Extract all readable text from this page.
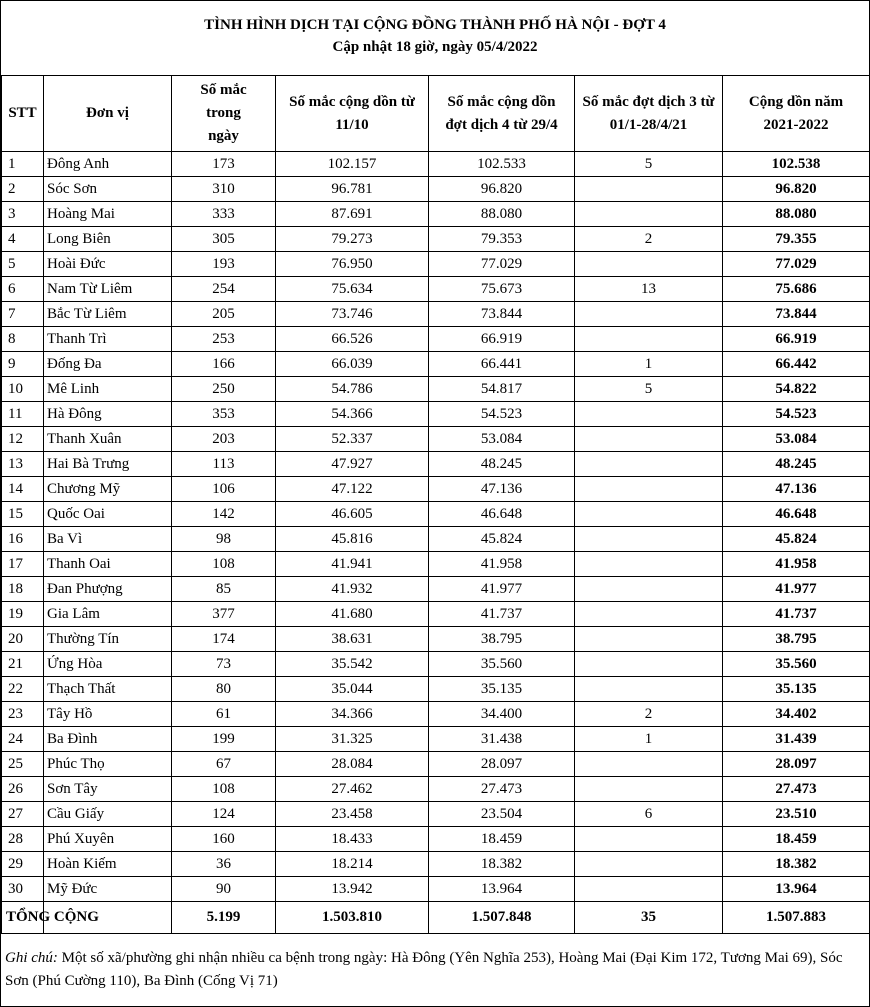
TÌNH HÌNH DỊCH TẠI CỘNG ĐỒNG THÀNH PHỐ HÀ NỘI - ĐỢT 4
Cập nhật 18 giờ, ngày 05/4/2022
STT	Đơn vị	Số mắc trong ngày	Số mắc cộng dồn từ 11/10	Số mắc cộng dồn đợt dịch 4 từ 29/4	Số mắc đợt dịch 3 từ 01/1-28/4/21	Cộng dồn năm 2021-2022
1	Đông Anh	173	102.157	102.533	5	102.538
2	Sóc Sơn	310	96.781	96.820		96.820
3	Hoàng Mai	333	87.691	88.080		88.080
4	Long Biên	305	79.273	79.353	2	79.355
5	Hoài Đức	193	76.950	77.029		77.029
6	Nam Từ Liêm	254	75.634	75.673	13	75.686
7	Bắc Từ Liêm	205	73.746	73.844		73.844
8	Thanh Trì	253	66.526	66.919		66.919
9	Đống Đa	166	66.039	66.441	1	66.442
10	Mê Linh	250	54.786	54.817	5	54.822
11	Hà Đông	353	54.366	54.523		54.523
12	Thanh Xuân	203	52.337	53.084		53.084
13	Hai Bà Trưng	113	47.927	48.245		48.245
14	Chương Mỹ	106	47.122	47.136		47.136
15	Quốc Oai	142	46.605	46.648		46.648
16	Ba Vì	98	45.816	45.824		45.824
17	Thanh Oai	108	41.941	41.958		41.958
18	Đan Phượng	85	41.932	41.977		41.977
19	Gia Lâm	377	41.680	41.737		41.737
20	Thường Tín	174	38.631	38.795		38.795
21	Ứng Hòa	73	35.542	35.560		35.560
22	Thạch Thất	80	35.044	35.135		35.135
23	Tây Hồ	61	34.366	34.400	2	34.402
24	Ba Đình	199	31.325	31.438	1	31.439
25	Phúc Thọ	67	28.084	28.097		28.097
26	Sơn Tây	108	27.462	27.473		27.473
27	Cầu Giấy	124	23.458	23.504	6	23.510
28	Phú Xuyên	160	18.433	18.459		18.459
29	Hoàn Kiếm	36	18.214	18.382		18.382
30	Mỹ Đức	90	13.942	13.964		13.964
TỔNG CỘNG		5.199	1.503.810	1.507.848	35	1.507.883
Ghi chú: Một số xã/phường ghi nhận nhiều ca bệnh trong ngày: Hà Đông (Yên Nghĩa 253), Hoàng Mai (Đại Kim 172, Tương Mai 69), Sóc Sơn (Phú Cường 110), Ba Đình (Cống Vị 71)
